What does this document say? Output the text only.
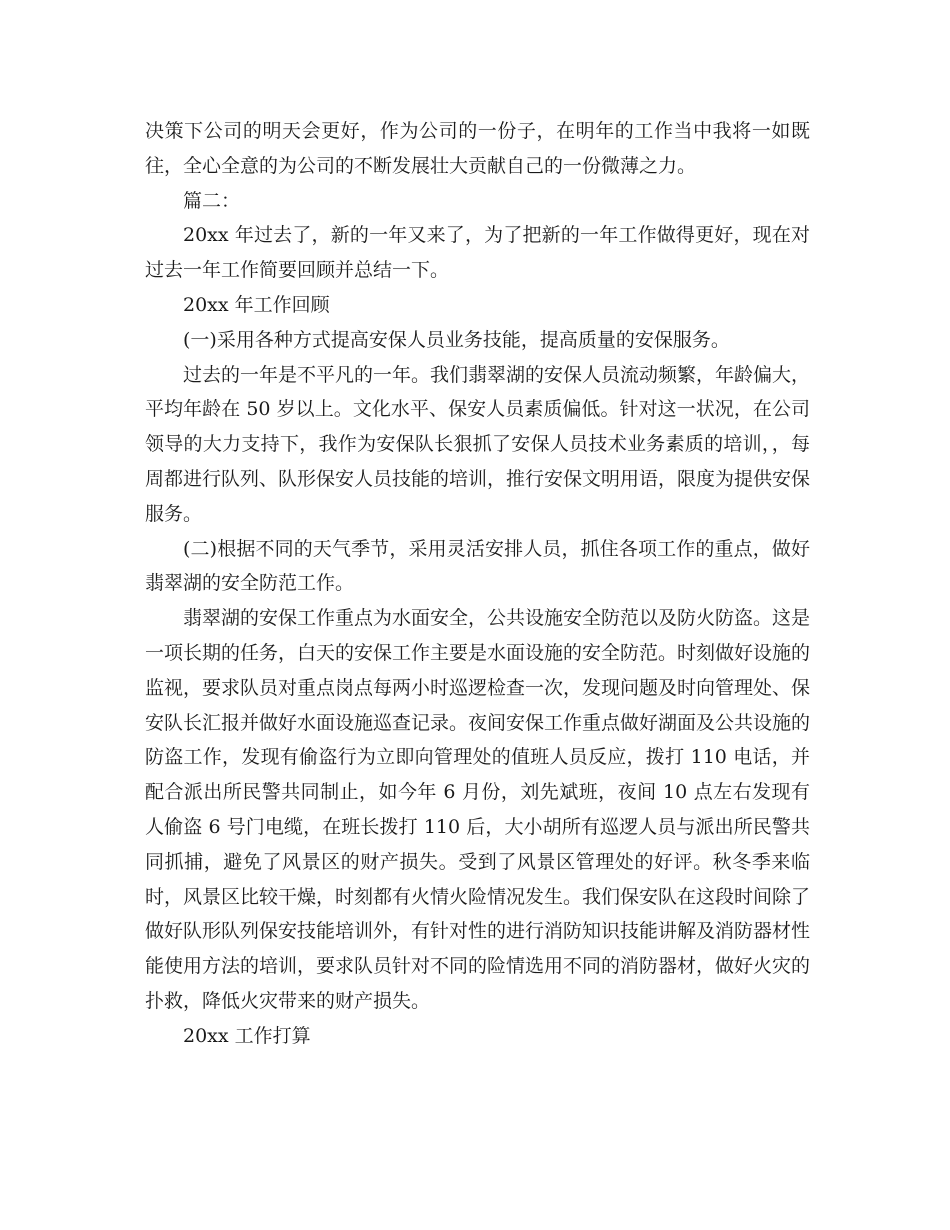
决策下公司的明天会更好，作为公司的一份子，在明年的工作当中我将一如既往，全心全意的为公司的不断发展壮大贡献自己的一份微薄之力。

篇二：

20xx 年过去了，新的一年又来了，为了把新的一年工作做得更好，现在对过去一年工作简要回顾并总结一下。

20xx 年工作回顾

(一)采用各种方式提高安保人员业务技能，提高质量的安保服务。

过去的一年是不平凡的一年。我们翡翠湖的安保人员流动频繁，年龄偏大，平均年龄在 50 岁以上。文化水平、保安人员素质偏低。针对这一状况，在公司领导的大力支持下，我作为安保队长狠抓了安保人员技术业务素质的培训，，每周都进行队列、队形保安人员技能的培训，推行安保文明用语，限度为提供安保服务。

(二)根据不同的天气季节，采用灵活安排人员，抓住各项工作的重点，做好翡翠湖的安全防范工作。

翡翠湖的安保工作重点为水面安全，公共设施安全防范以及防火防盗。这是一项长期的任务，白天的安保工作主要是水面设施的安全防范。时刻做好设施的监视，要求队员对重点岗点每两小时巡逻检查一次，发现问题及时向管理处、保安队长汇报并做好水面设施巡查记录。夜间安保工作重点做好湖面及公共设施的防盗工作，发现有偷盗行为立即向管理处的值班人员反应，拨打 110 电话，并配合派出所民警共同制止，如今年 6 月份，刘先斌班，夜间 10 点左右发现有人偷盗 6 号门电缆，在班长拨打 110 后，大小胡所有巡逻人员与派出所民警共同抓捕，避免了风景区的财产损失。受到了风景区管理处的好评。秋冬季来临时，风景区比较干燥，时刻都有火情火险情况发生。我们保安队在这段时间除了做好队形队列保安技能培训外，有针对性的进行消防知识技能讲解及消防器材性能使用方法的培训，要求队员针对不同的险情选用不同的消防器材，做好火灾的扑救，降低火灾带来的财产损失。

20xx 工作打算
